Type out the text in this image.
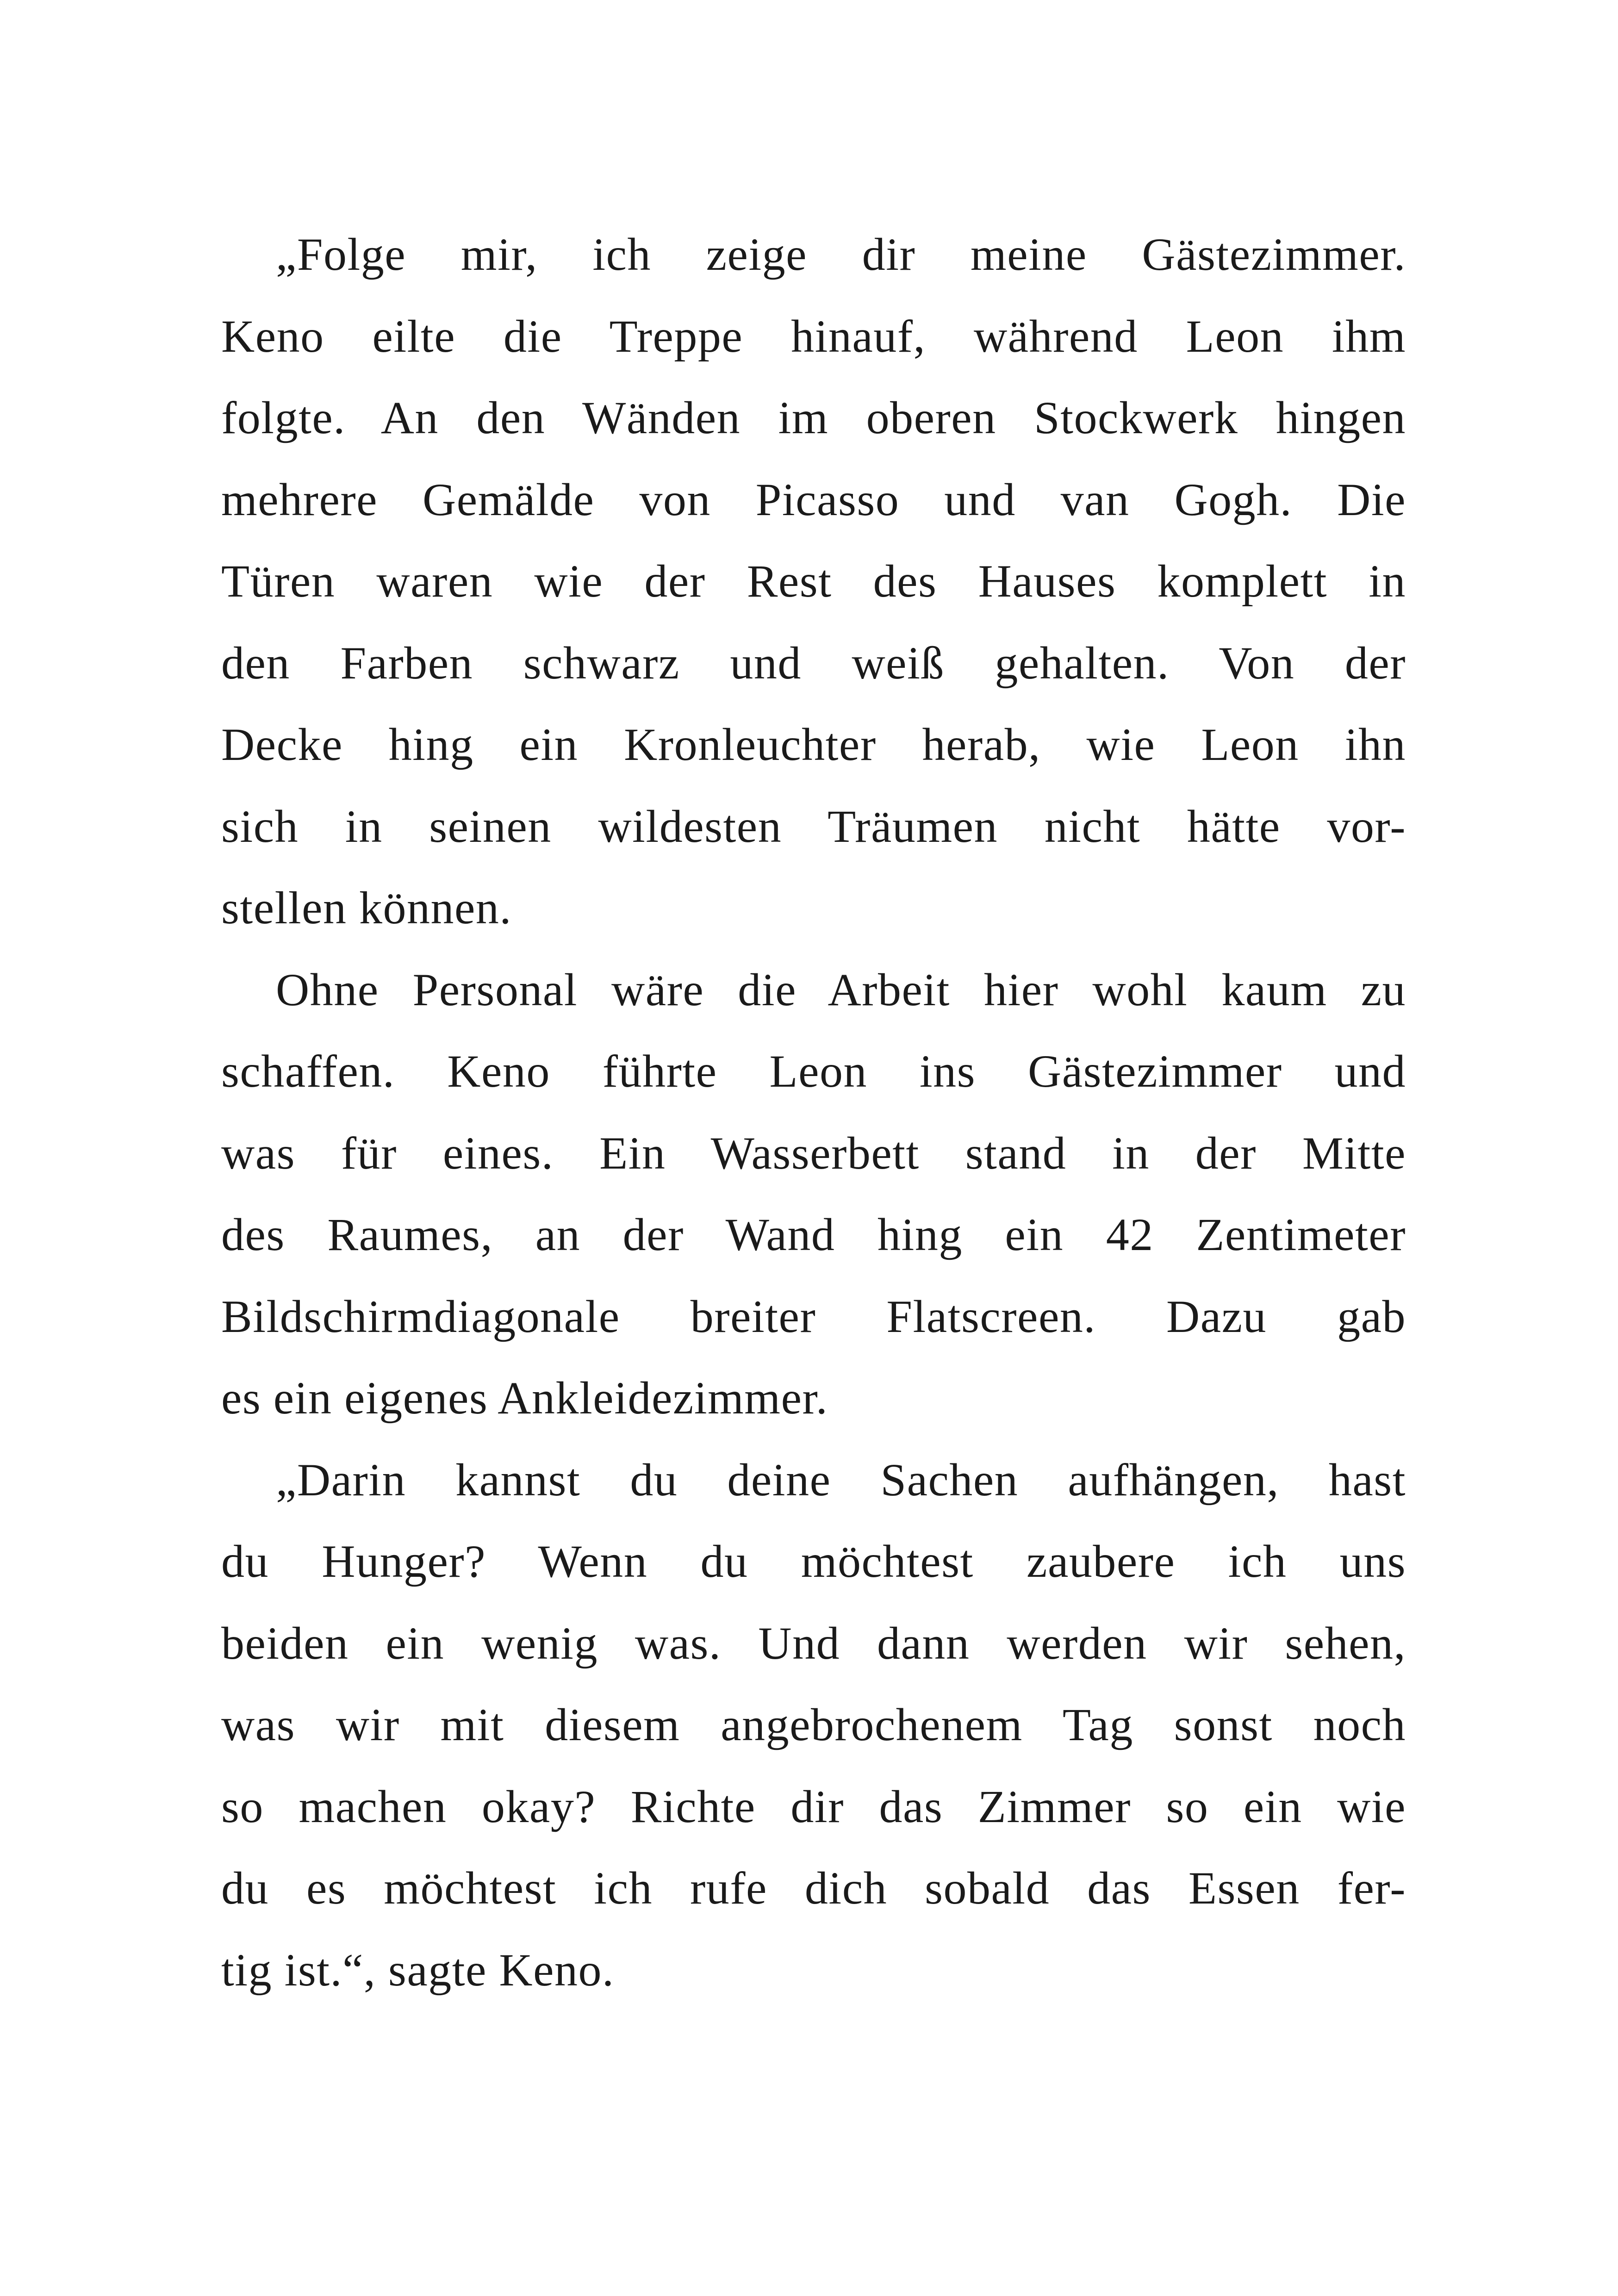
„Folge mir, ich zeige dir meine Gästezimmer.
Keno eilte die Treppe hinauf, während Leon ihm
folgte. An den Wänden im oberen Stockwerk hingen
mehrere Gemälde von Picasso und van Gogh. Die
Türen waren wie der Rest des Hauses komplett in
den Farben schwarz und weiß gehalten. Von der
Decke hing ein Kronleuchter herab, wie Leon ihn
sich in seinen wildesten Träumen nicht hätte vor-
stellen können.
Ohne Personal wäre die Arbeit hier wohl kaum zu
schaffen. Keno führte Leon ins Gästezimmer und
was für eines. Ein Wasserbett stand in der Mitte
des Raumes, an der Wand hing ein 42 Zentimeter
Bildschirmdiagonale breiter Flatscreen. Dazu gab
es ein eigenes Ankleidezimmer.
„Darin kannst du deine Sachen aufhängen, hast
du Hunger? Wenn du möchtest zaubere ich uns
beiden ein wenig was. Und dann werden wir sehen,
was wir mit diesem angebrochenem Tag sonst noch
so machen okay? Richte dir das Zimmer so ein wie
du es möchtest ich rufe dich sobald das Essen fer-
tig ist.“, sagte Keno.
